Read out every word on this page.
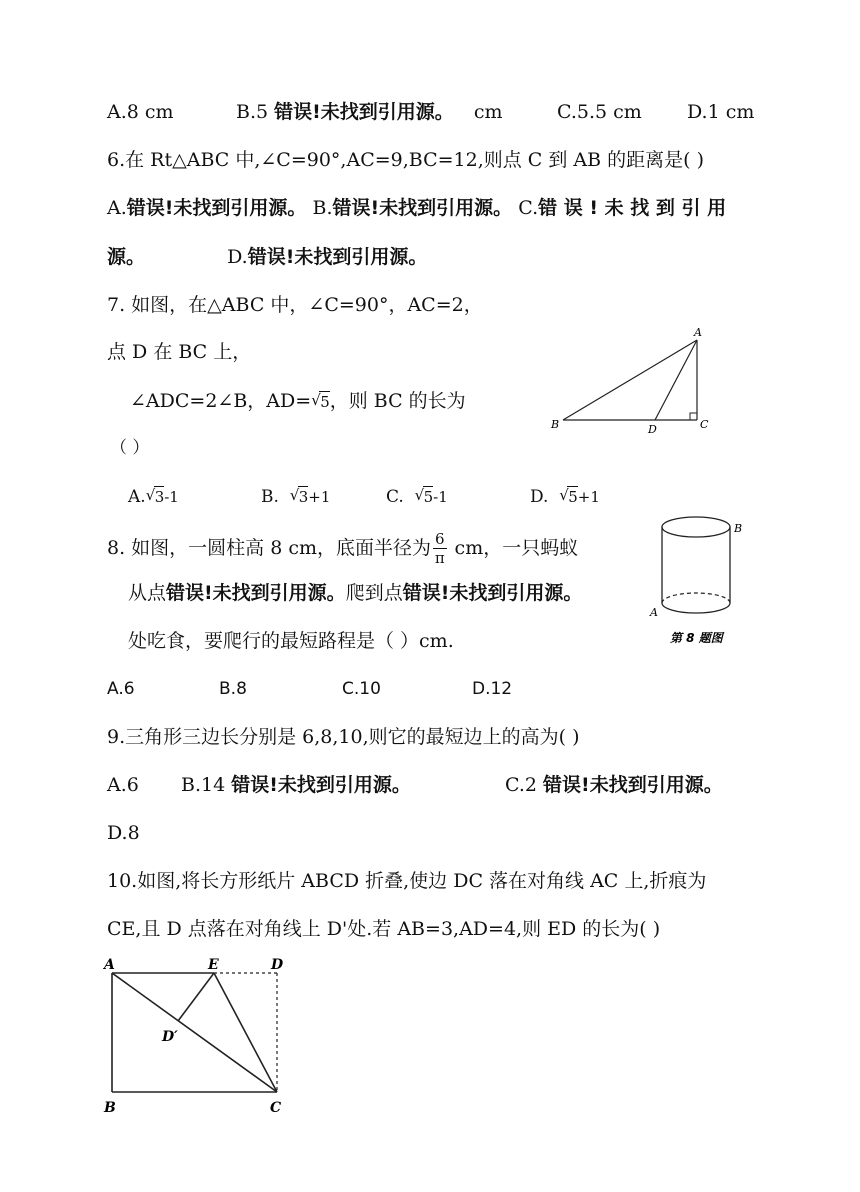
A.8 cm	B.5 错误!未找到引用源。 cm	C.5.5 cm D.1 cm
6.在 Rt△ABC 中,∠C=90°,AC=9,BC=12,则点 C 到 AB 的距离是( )
A.错误!未找到引用源。 B.错误!未找到引用源。 C.错 误 ! 未 找 到 引 用
源。	D.错误!未找到引用源。
7. 如图，在△ABC 中，∠C=90°，AC=2，
点 D 在 BC 上，
∠ADC=2∠B，AD= √ 5，则 BC 的长为
（ ）
A. √ 3-1	B. √ 3+1	C. √ 5-1	D. √ 5+1
A
B	C
D
8. 如图，一圆柱高 8 cm，底面半径为 $\frac{6}{\pi}$ cm，一只蚂蚁
从点错误!未找到引用源。爬到点错误!未找到引用源。
处吃食，要爬行的最短路程是（ ）cm.
A.6	B.8	C.10	D.12
B
A
第 8 题图
9.三角形三边长分别是 6,8,10,则它的最短边上的高为( )
A.6 B.14 错误!未找到引用源。	C.2 错误!未找到引用源。
D.8
10.如图,将长方形纸片 ABCD 折叠,使边 DC 落在对角线 AC 上,折痕为
CE,且 D 点落在对角线上 D'处.若 AB=3,AD=4,则 ED 的长为( )
A	E	D
D′
B	C
